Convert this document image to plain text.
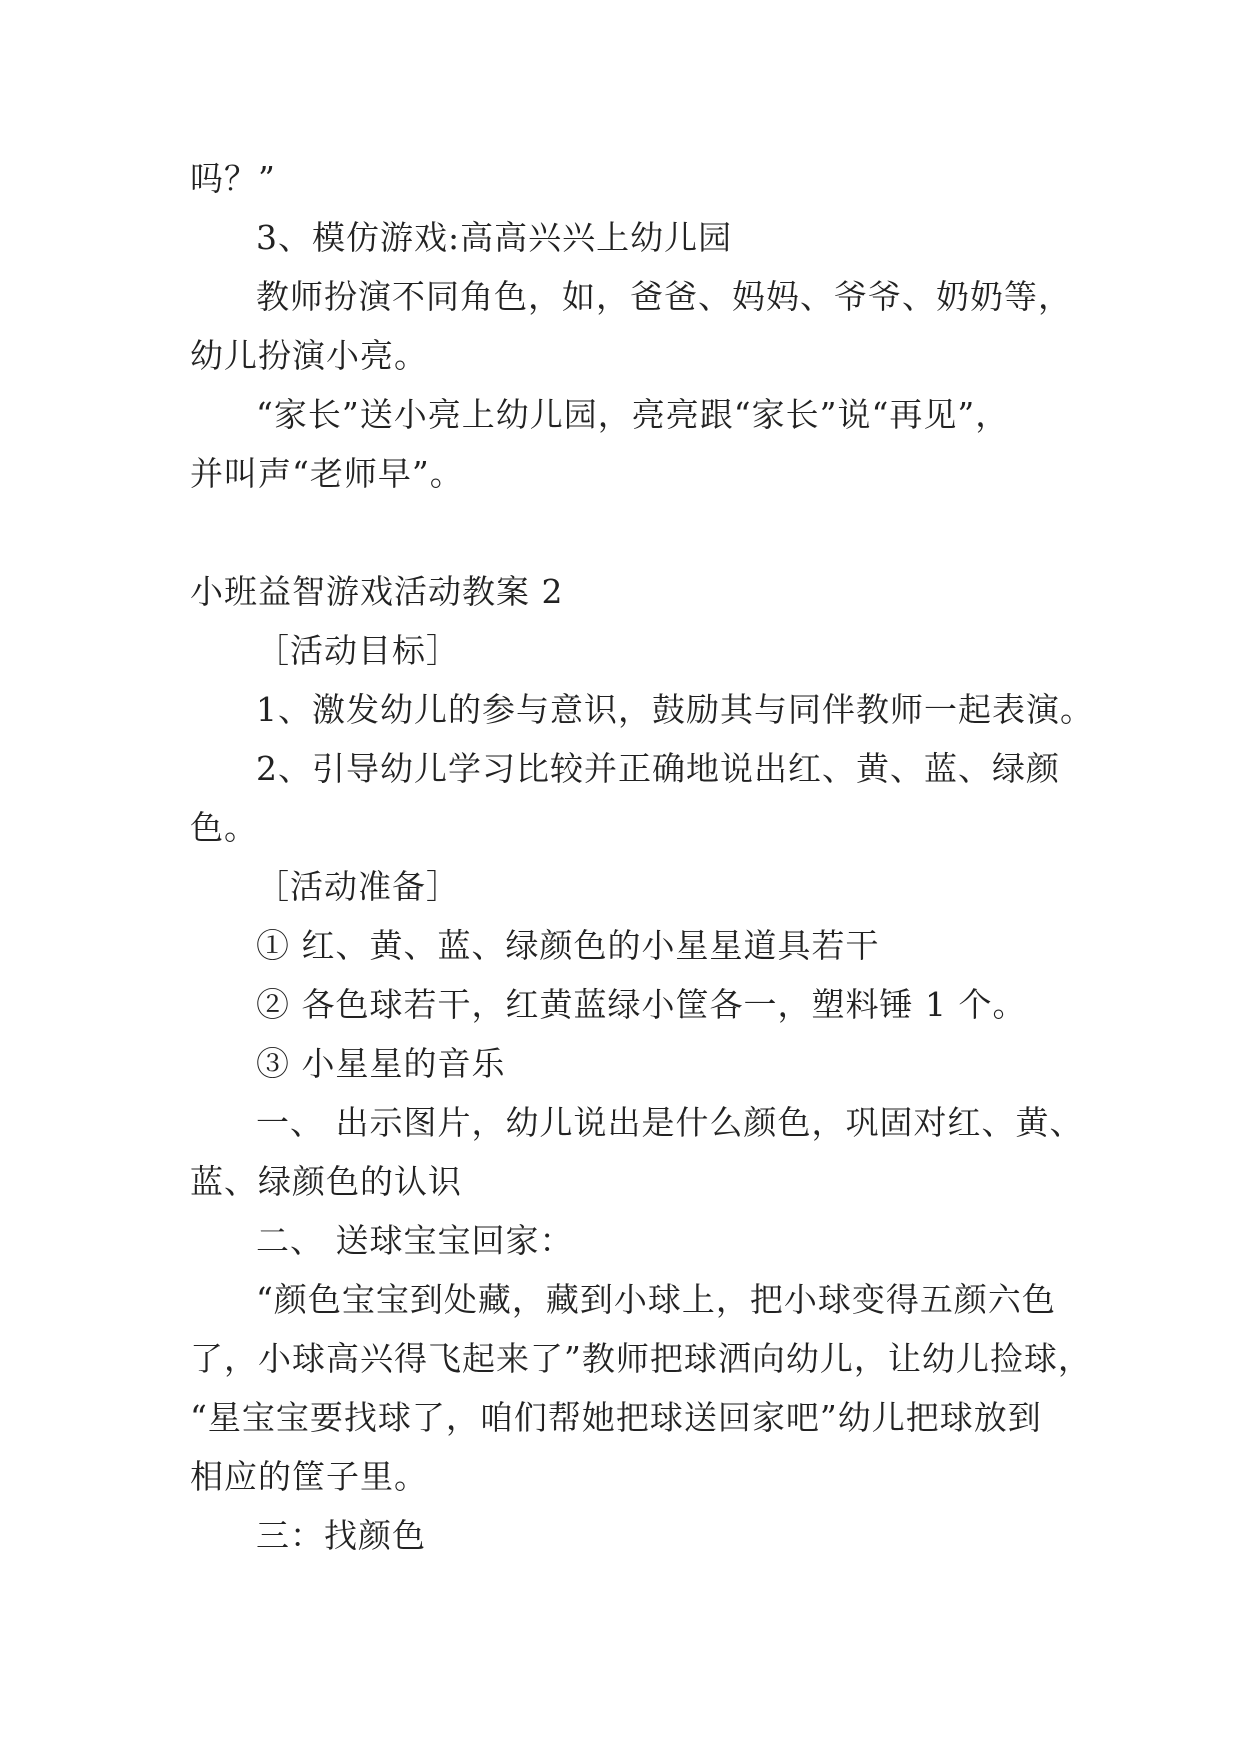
吗？”
3、模仿游戏:高高兴兴上幼儿园
教师扮演不同角色，如，爸爸、妈妈、爷爷、奶奶等，
幼儿扮演小亮。
“家长”送小亮上幼儿园，亮亮跟“家长”说“再见”，
并叫声“老师早”。
小班益智游戏活动教案 2
［活动目标］
1、激发幼儿的参与意识，鼓励其与同伴教师一起表演。
2、引导幼儿学习比较并正确地说出红、黄、蓝、绿颜
色。
［活动准备］
① 红、黄、蓝、绿颜色的小星星道具若干
② 各色球若干，红黄蓝绿小筐各一，塑料锤 1 个。
③ 小星星的音乐
一、 出示图片，幼儿说出是什么颜色，巩固对红、黄、
蓝、绿颜色的认识
二、 送球宝宝回家：
“颜色宝宝到处藏，藏到小球上，把小球变得五颜六色
了，小球高兴得飞起来了”教师把球洒向幼儿，让幼儿捡球，
“星宝宝要找球了，咱们帮她把球送回家吧”幼儿把球放到
相应的筐子里。
三：找颜色
